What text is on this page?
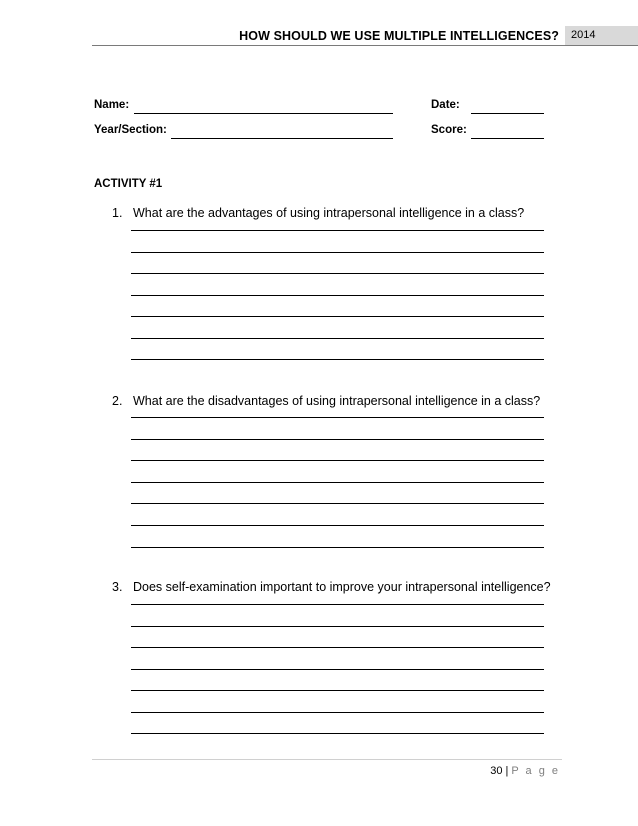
HOW SHOULD WE USE MULTIPLE INTELLIGENCES?	2014
Name:	Date:
Year/Section:	Score:
ACTIVITY #1
1. What are the advantages of using intrapersonal intelligence in a class?
2. What are the disadvantages of using intrapersonal intelligence in a class?
3. Does self-examination important to improve your intrapersonal intelligence?
30 | P a g e
